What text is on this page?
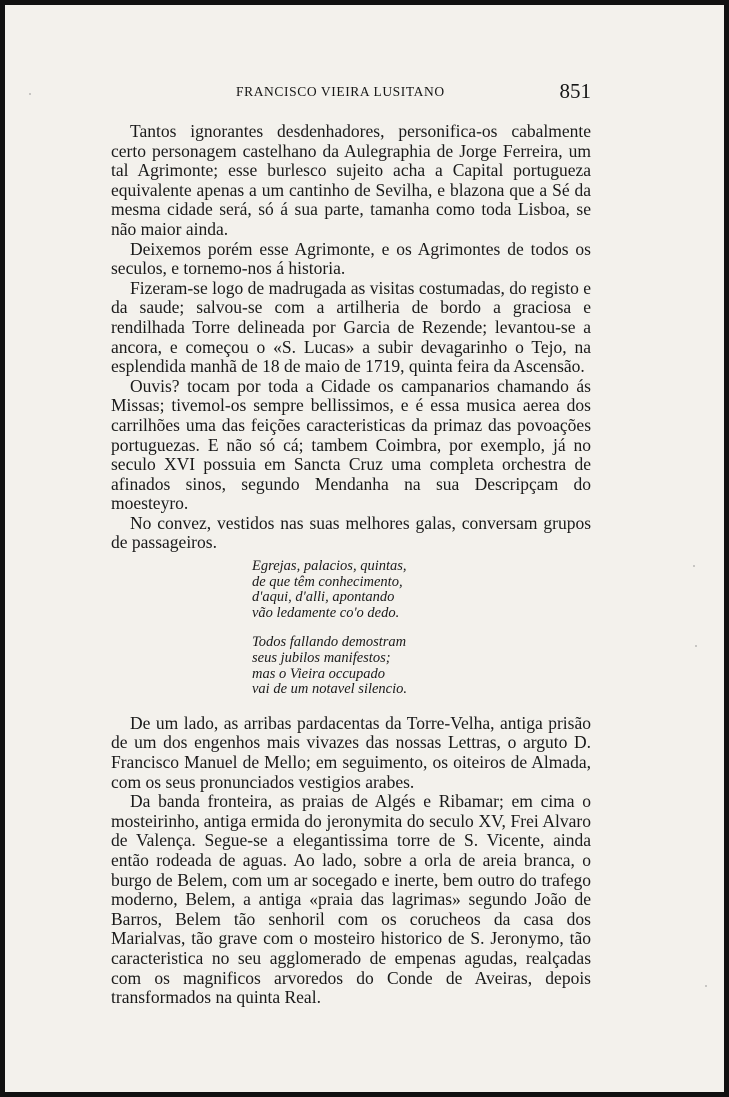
FRANCISCO VIEIRA LUSITANO	851

Tantos ignorantes desdenhadores, personifica-os cabalmente certo personagem castelhano da Aulegraphia de Jorge Ferreira, um tal Agrimonte; esse burlesco sujeito acha a Capital portugueza equivalente apenas a um cantinho de Sevilha, e blazona que a Sé da mesma cidade será, só á sua parte, tamanha como toda Lisboa, se não maior ainda.

Deixemos porém esse Agrimonte, e os Agrimontes de todos os seculos, e tornemo-nos á historia.

Fizeram-se logo de madrugada as visitas costumadas, do registo e da saude; salvou-se com a artilheria de bordo a graciosa e rendilhada Torre delineada por Garcia de Rezende; levantou-se a ancora, e começou o «S. Lucas» a subir devagarinho o Tejo, na esplendida manhã de 18 de maio de 1719, quinta feira da Ascensão.

Ouvis? tocam por toda a Cidade os campanarios chamando ás Missas; tivemol-os sempre bellissimos, e é essa musica aerea dos carrilhões uma das feições caracteristicas da primaz das povoações portuguezas. E não só cá; tambem Coimbra, por exemplo, já no seculo XVI possuia em Sancta Cruz uma completa orchestra de afinados sinos, segundo Mendanha na sua Descripçam do moesteyro.

No convez, vestidos nas suas melhores galas, conversam grupos de passageiros.

Egrejas, palacios, quintas,
de que têm conhecimento,
d'aqui, d'alli, apontando
vão ledamente co'o dedo.
Todos fallando demostram
seus jubilos manifestos;
mas o Vieira occupado
vai de um notavel silencio.

De um lado, as arribas pardacentas da Torre-Velha, antiga prisão de um dos engenhos mais vivazes das nossas Lettras, o arguto D. Francisco Manuel de Mello; em seguimento, os oiteiros de Almada, com os seus pronunciados vestigios arabes.

Da banda fronteira, as praias de Algés e Ribamar; em cima o mosteirinho, antiga ermida do jeronymita do seculo XV, Frei Alvaro de Valença. Segue-se a elegantissima torre de S. Vicente, ainda então rodeada de aguas. Ao lado, sobre a orla de areia branca, o burgo de Belem, com um ar socegado e inerte, bem outro do trafego moderno, Belem, a antiga «praia das lagrimas» segundo João de Barros, Belem tão senhoril com os corucheos da casa dos Marialvas, tão grave com o mosteiro historico de S. Jeronymo, tão caracteristica no seu agglomerado de empenas agudas, realçadas com os magnificos arvoredos do Conde de Aveiras, depois transformados na quinta Real.
